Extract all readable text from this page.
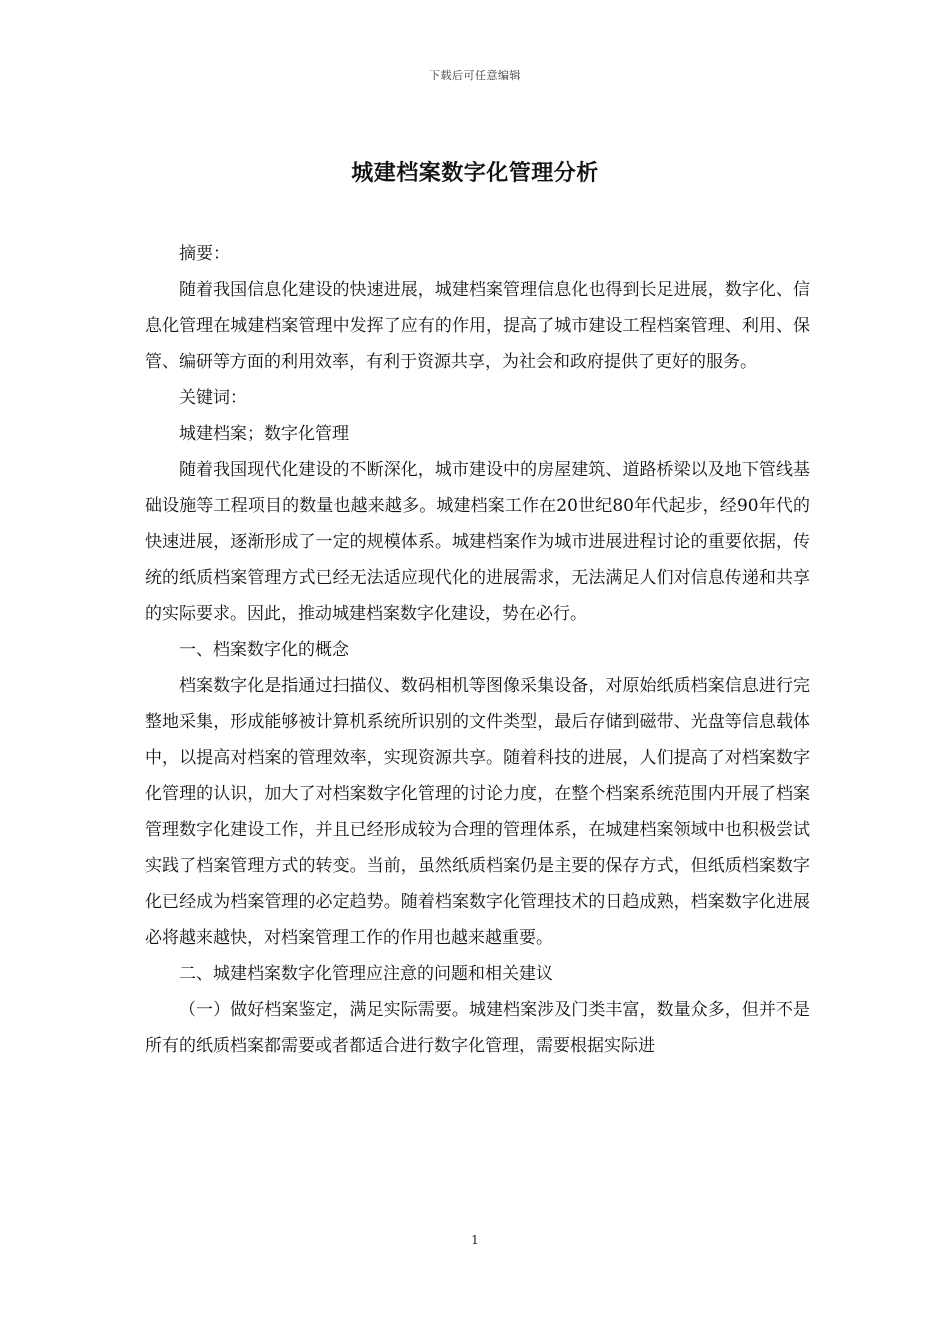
下载后可任意编辑
城建档案数字化管理分析

摘要：

随着我国信息化建设的快速进展，城建档案管理信息化也得到长足进展，数字化、信息化管理在城建档案管理中发挥了应有的作用，提高了城市建设工程档案管理、利用、保管、编研等方面的利用效率，有利于资源共享，为社会和政府提供了更好的服务。

关键词：

城建档案；数字化管理

随着我国现代化建设的不断深化，城市建设中的房屋建筑、道路桥梁以及地下管线基础设施等工程项目的数量也越来越多。城建档案工作在20世纪80年代起步，经90年代的快速进展，逐渐形成了一定的规模体系。城建档案作为城市进展进程讨论的重要依据，传统的纸质档案管理方式已经无法适应现代化的进展需求，无法满足人们对信息传递和共享的实际要求。因此，推动城建档案数字化建设，势在必行。

一、档案数字化的概念

档案数字化是指通过扫描仪、数码相机等图像采集设备，对原始纸质档案信息进行完整地采集，形成能够被计算机系统所识别的文件类型，最后存储到磁带、光盘等信息载体中，以提高对档案的管理效率，实现资源共享。随着科技的进展，人们提高了对档案数字化管理的认识，加大了对档案数字化管理的讨论力度，在整个档案系统范围内开展了档案管理数字化建设工作，并且已经形成较为合理的管理体系，在城建档案领域中也积极尝试实践了档案管理方式的转变。当前，虽然纸质档案仍是主要的保存方式，但纸质档案数字化已经成为档案管理的必定趋势。随着档案数字化管理技术的日趋成熟，档案数字化进展必将越来越快，对档案管理工作的作用也越来越重要。

二、城建档案数字化管理应注意的问题和相关建议

（一）做好档案鉴定，满足实际需要。城建档案涉及门类丰富，数量众多，但并不是所有的纸质档案都需要或者都适合进行数字化管理，需要根据实际进

1
